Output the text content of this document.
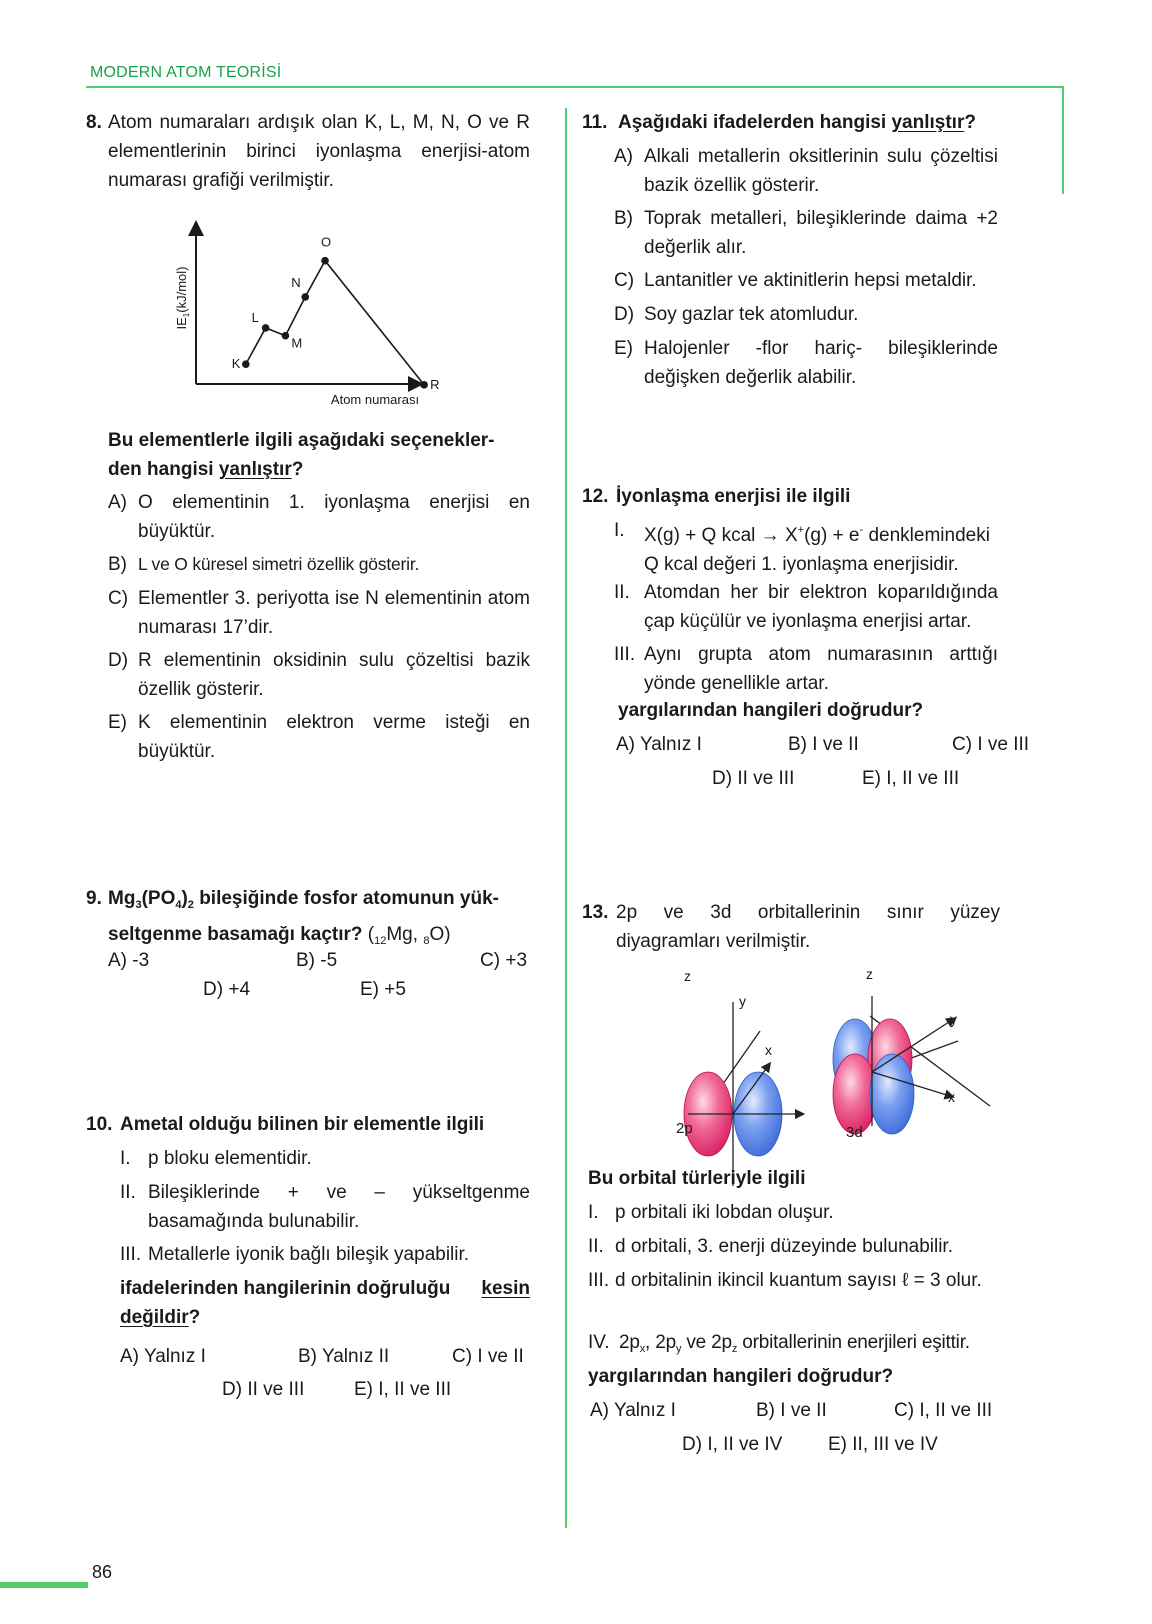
MODERN ATOM TEORİSİ
8. Atom numaraları ardışık olan K, L, M, N, O ve R elementlerinin birinci iyonlaşma enerjisi-atom numarası grafiği verilmiştir.
$IE_1(kJ/mol)$
Atom numarası
K
L
M
N
O
R
Bu elementlerle ilgili aşağıdaki seçenekler-
den hangisi yanlıştır?
A) O elementinin 1. iyonlaşma enerjisi en büyüktür.
B) L ve O küresel simetri özellik gösterir.
C) Elementler 3. periyotta ise N elementinin atom numarası 17’dir.
D) R elementinin oksidinin sulu çözeltisi bazik özellik gösterir.
E) K elementinin elektron verme isteği en büyüktür.
9. $Mg_3(PO_4)_2$ bileşiğinde fosfor atomunun yük-
seltgenme basamağı kaçtır? ($_{12}Mg$, $_8$O)
A) -3	B) -5	C) +3
D) +4	E) +5
10. Ametal olduğu bilinen bir elementle ilgili
I. p bloku elementidir.
II. Bileşiklerinde + ve – yükseltgenme basamağında bulunabilir.
III. Metallerle iyonik bağlı bileşik yapabilir.
ifadelerinden hangilerinin doğruluğu kesin
değildir?
A) Yalnız I	B) Yalnız II	C) I ve II
D) II ve III	E) I, II ve III
11. Aşağıdaki ifadelerden hangisi yanlıştır?
A) Alkali metallerin oksitlerinin sulu çözeltisi bazik özellik gösterir.
B) Toprak metalleri, bileşiklerinde daima +2 değerlik alır.
C) Lantanitler ve aktinitlerin hepsi metaldir.
D) Soy gazlar tek atomludur.
E) Halojenler -flor hariç- bileşiklerinde değişken değerlik alabilir.
12. İyonlaşma enerjisi ile ilgili
I. X(g) + Q kcal → X+(g) + e- denklemindeki
Q kcal değeri 1. iyonlaşma enerjisidir.
II. Atomdan her bir elektron koparıldığında çap küçülür ve iyonlaşma enerjisi artar.
III. Aynı grupta atom numarasının arttığı yönde genellikle artar.
yargılarından hangileri doğrudur?
A) Yalnız I	B) I ve II	C) I ve III
D) II ve III	E) I, II ve III
13. 2p ve 3d orbitallerinin sınır yüzey diyagramları verilmiştir.
z
y
x
z
y
x
2p	3d
Bu orbital türleriyle ilgili
I. p orbitali iki lobdan oluşur.
II. d orbitali, 3. enerji düzeyinde bulunabilir.
III. d orbitalinin ikincil kuantum sayısı ℓ = 3 olur.
IV. $2p_x$, $2p_y$ ve $2p_z$ orbitallerinin enerjileri eşittir.
yargılarından hangileri doğrudur?
A) Yalnız I	B) I ve II	C) I, II ve III
D) I, II ve IV E) II, III ve IV
86
